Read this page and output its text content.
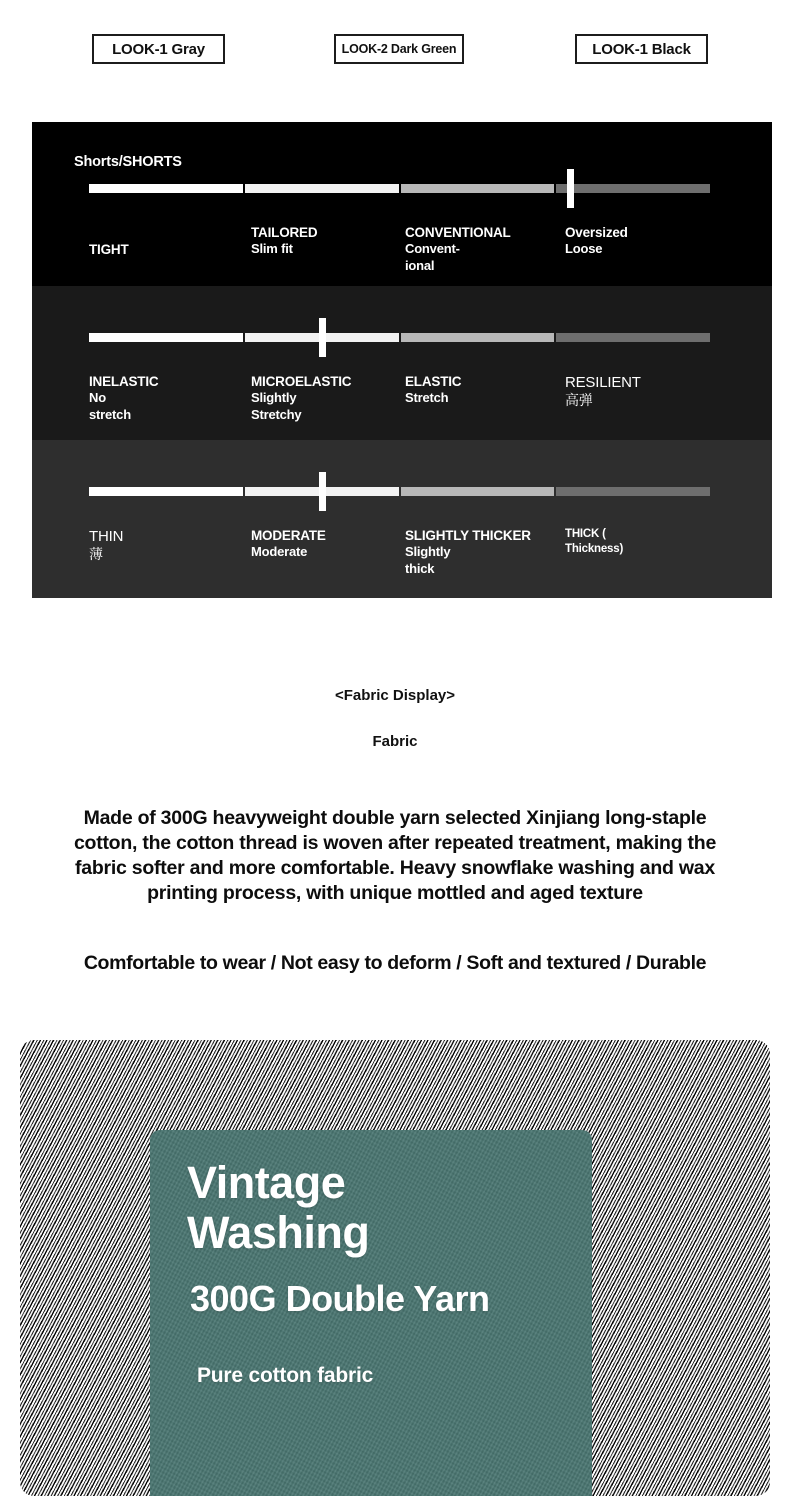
LOOK-1 Gray	LOOK-2 Dark Green	LOOK-1 Black
Shorts/SHORTS
TIGHT
TAILORED
Slim fit
CONVENTIONAL
Convent-
ional
Oversized
Loose
INELASTIC
No
stretch
MICROELASTIC
Slightly
Stretchy
ELASTIC
Stretch
RESILIENT
高弹
THIN
薄
MODERATE
Moderate
SLIGHTLY THICKER
Slightly
thick
THICK (
Thickness)
<Fabric Display>
Fabric
Made of 300G heavyweight double yarn selected Xinjiang long-staple cotton, the cotton thread is woven after repeated treatment, making the fabric softer and more comfortable. Heavy snowflake washing and wax printing process, with unique mottled and aged texture
Comfortable to wear / Not easy to deform / Soft and textured / Durable
Vintage
Washing
300G Double Yarn
Pure cotton fabric
